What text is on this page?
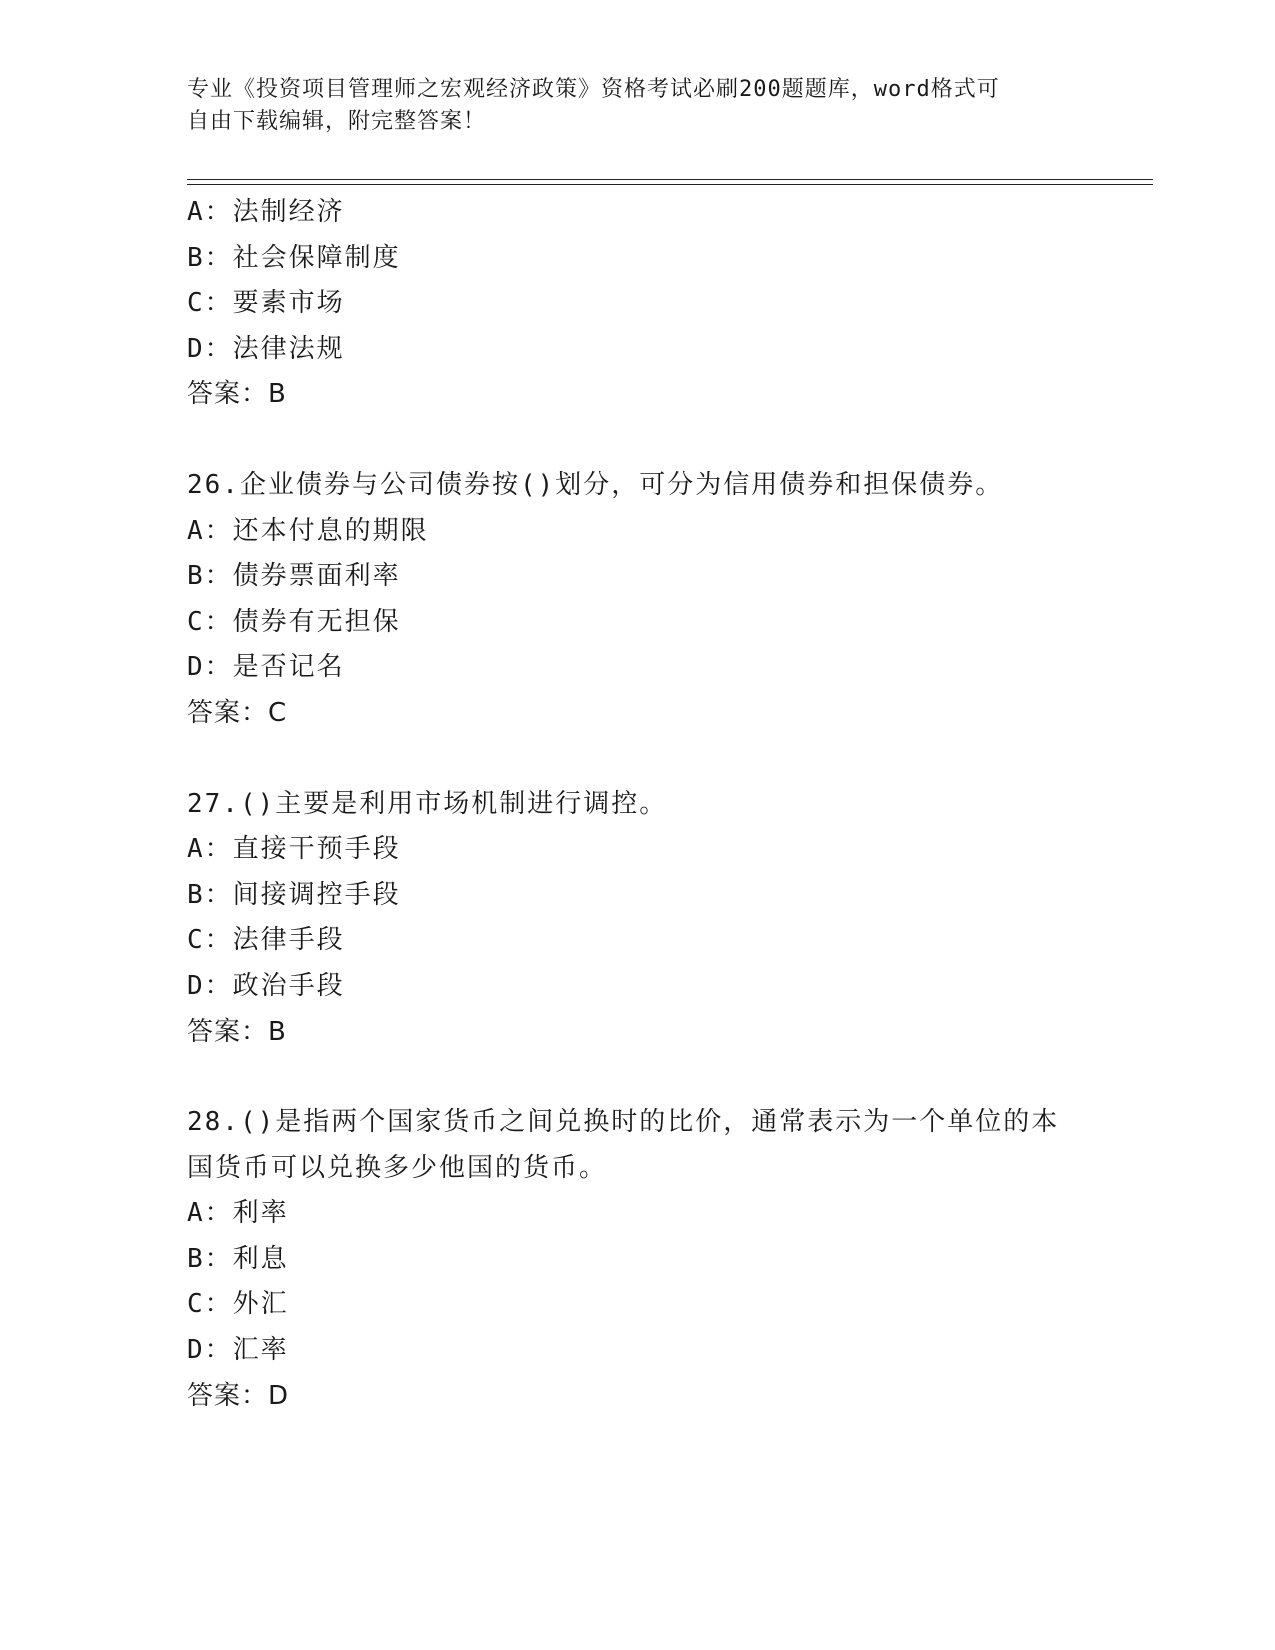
专业《投资项目管理师之宏观经济政策》资格考试必刷200题题库，word格式可
自由下载编辑，附完整答案！
A：法制经济
B：社会保障制度
C：要素市场
D：法律法规
答案：B
26.企业债券与公司债券按()划分，可分为信用债券和担保债券。
A：还本付息的期限
B：债券票面利率
C：债券有无担保
D：是否记名
答案：C
27.()主要是利用市场机制进行调控。
A：直接干预手段
B：间接调控手段
C：法律手段
D：政治手段
答案：B
28.()是指两个国家货币之间兑换时的比价，通常表示为一个单位的本
国货币可以兑换多少他国的货币。
A：利率
B：利息
C：外汇
D：汇率
答案：D
